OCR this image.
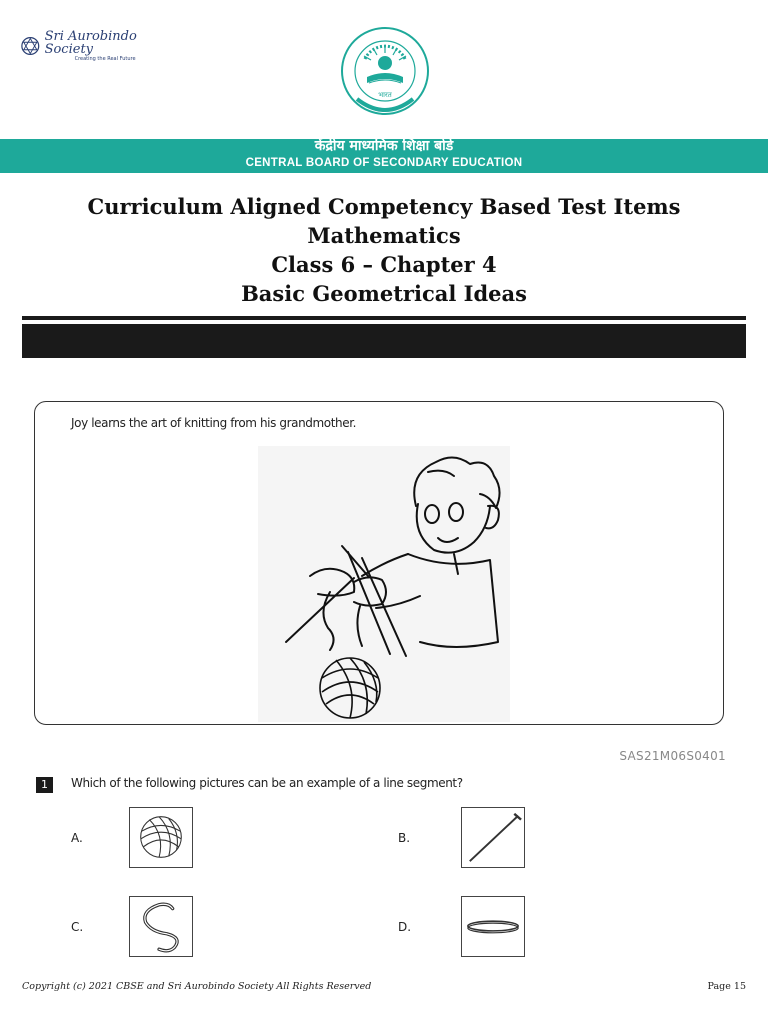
Sri Aurobindo Society
Creating the Real Future
भारत
केंद्रीय माध्यमिक शिक्षा बोर्ड
CENTRAL BOARD OF SECONDARY EDUCATION
Curriculum Aligned Competency Based Test Items
Mathematics
Class 6 – Chapter 4
Basic Geometrical Ideas
Joy learns the art of knitting from his grandmother.
SAS21M06S0401
1	Which of the following pictures can be an example of a line segment?
A.	B.
C.	D.
Copyright (c) 2021 CBSE and Sri Aurobindo Society All Rights Reserved	Page 15
